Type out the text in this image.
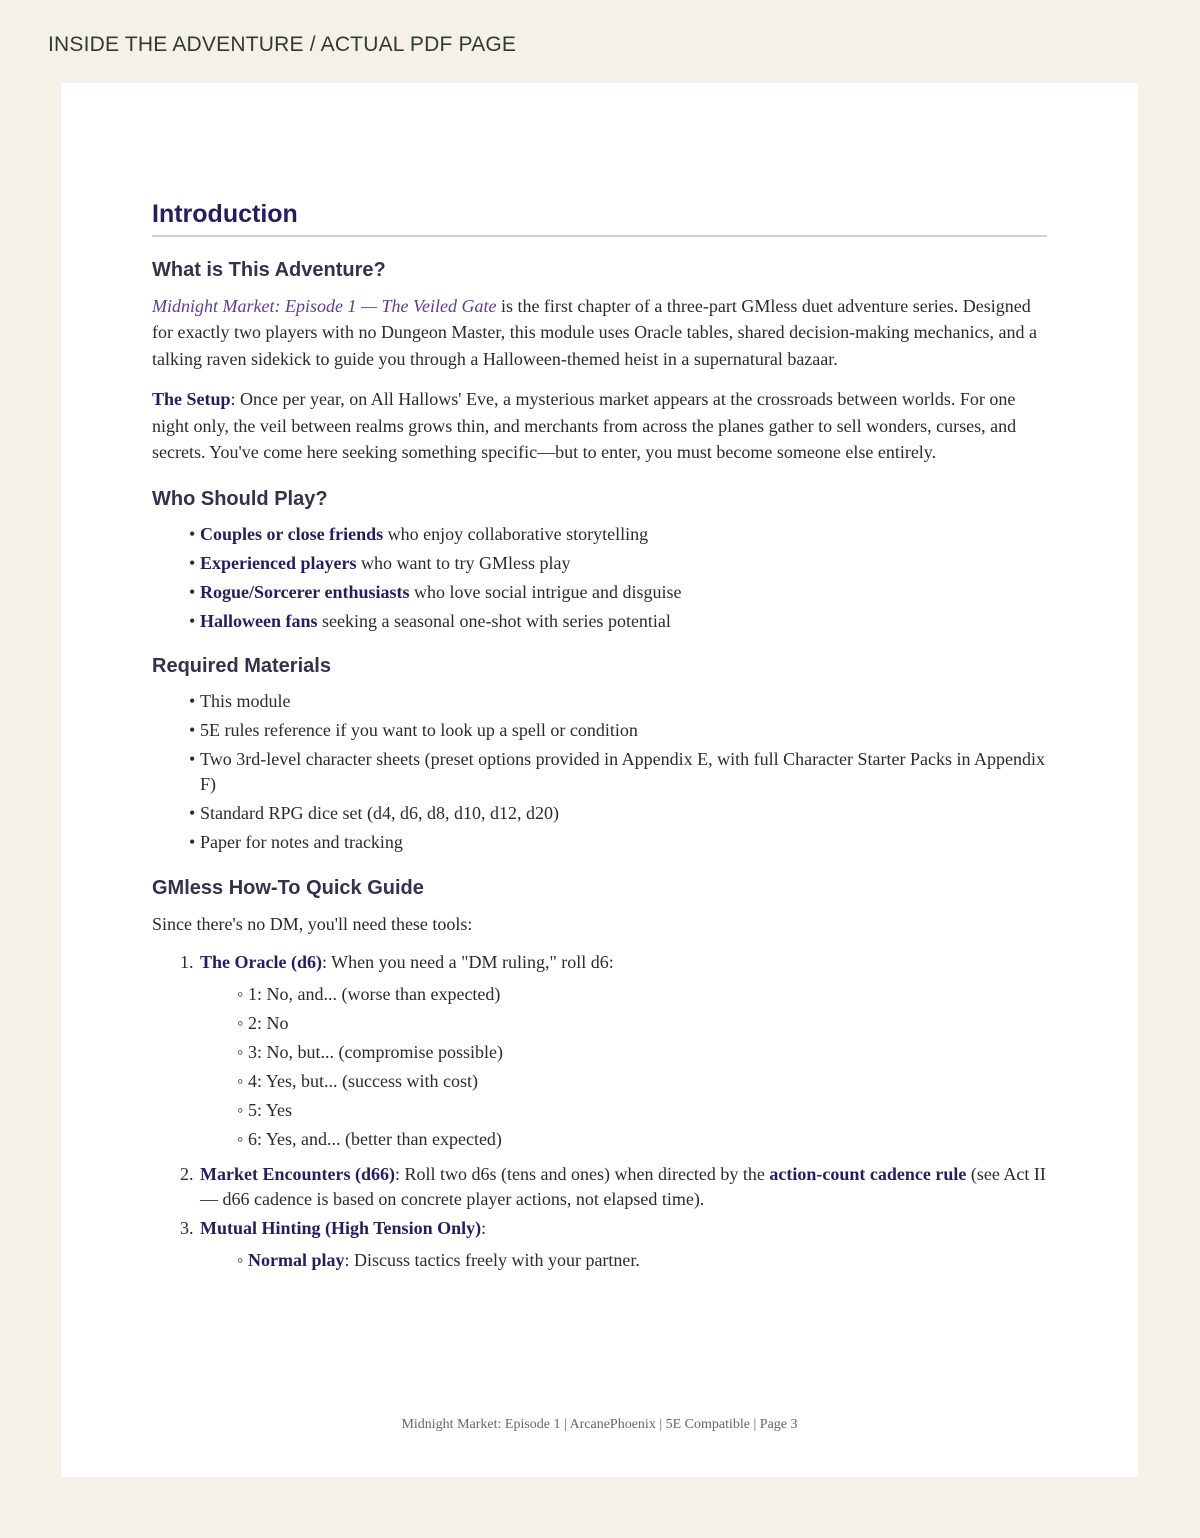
INSIDE THE ADVENTURE / ACTUAL PDF PAGE
Introduction
What is This Adventure?

Midnight Market: Episode 1 — The Veiled Gate is the first chapter of a three-part GMless duet adventure series. Designed for exactly two players with no Dungeon Master, this module uses Oracle tables, shared decision-making mechanics, and a talking raven sidekick to guide you through a Halloween-themed heist in a supernatural bazaar.

The Setup: Once per year, on All Hallows' Eve, a mysterious market appears at the crossroads between worlds. For one night only, the veil between realms grows thin, and merchants from across the planes gather to sell wonders, curses, and secrets. You've come here seeking something specific—but to enter, you must become someone else entirely.

Who Should Play?
• Couples or close friends who enjoy collaborative storytelling
• Experienced players who want to try GMless play
• Rogue/Sorcerer enthusiasts who love social intrigue and disguise
• Halloween fans seeking a seasonal one-shot with series potential
Required Materials
• This module
• 5E rules reference if you want to look up a spell or condition
• Two 3rd-level character sheets (preset options provided in Appendix E, with full Character Starter Packs in Appendix F)
• Standard RPG dice set (d4, d6, d8, d10, d12, d20)
• Paper for notes and tracking
GMless How-To Quick Guide

Since there's no DM, you'll need these tools:

1. The Oracle (d6): When you need a "DM ruling," roll d6:
◦ 1: No, and... (worse than expected)
◦ 2: No
◦ 3: No, but... (compromise possible)
◦ 4: Yes, but... (success with cost)
◦ 5: Yes
◦ 6: Yes, and... (better than expected)
2. Market Encounters (d66): Roll two d6s (tens and ones) when directed by the action-count cadence rule (see Act II — d66 cadence is based on concrete player actions, not elapsed time).
3. Mutual Hinting (High Tension Only):
◦ Normal play: Discuss tactics freely with your partner.
Midnight Market: Episode 1 | ArcanePhoenix | 5E Compatible | Page 3
